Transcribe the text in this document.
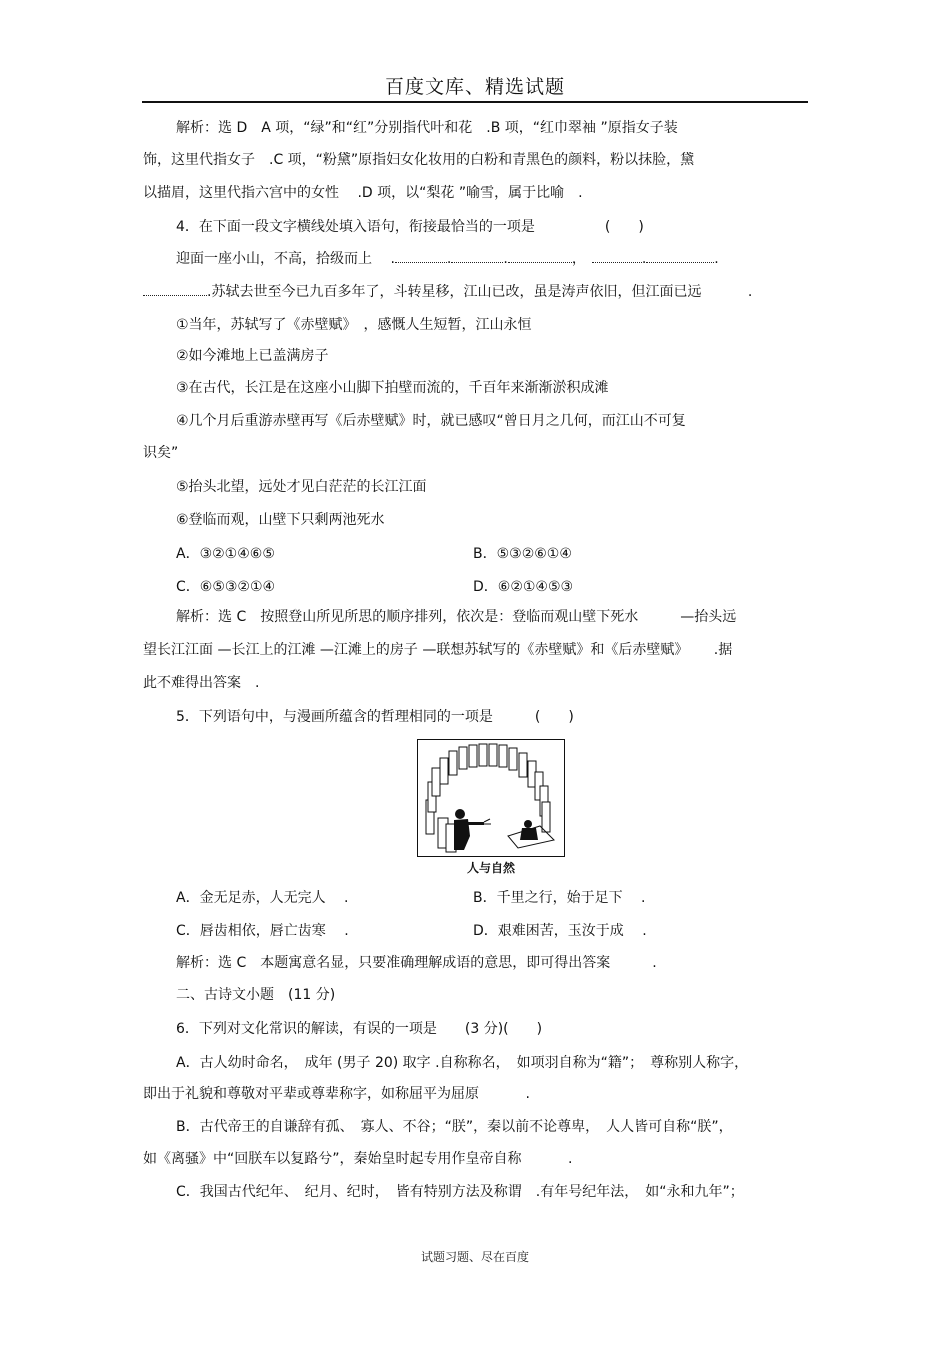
百度文库、精选试题
解析：选 D　A 项，“绿”和“红”分别指代叶和花　.B 项，“红巾翠袖 ”原指女子装
饰，这里代指女子　.C 项，“粉黛”原指妇女化妆用的白粉和青黑色的颜料，粉以抹脸，黛
以描眉，这里代指六宫中的女性　 .D 项，以“梨花 ”喻雪，属于比喻　.
4．在下面一段文字横线处填入语句，衔接最恰当的一项是　　　　　(　　)
迎面一座小山，不高，拾级而上　 .	.	.	，	.	.
.苏轼去世至今已九百多年了，斗转星移，江山已改，虽是涛声依旧，但江面已远　　　 .
①当年，苏轼写了《赤壁赋》　，感慨人生短暂，江山永恒
②如今滩地上已盖满房子
③在古代，长江是在这座小山脚下拍壁而流的，千百年来渐渐淤积成滩
④几个月后重游赤壁再写《后赤壁赋》时，就已感叹“曾日月之几何，而江山不可复
识矣”
⑤抬头北望，远处才见白茫茫的长江江面
⑥登临而观，山壁下只剩两池死水
A．③②①④⑥⑤	B．⑤③②⑥①④
C．⑥⑤③②①④	D．⑥②①④⑤③
解析：选 C　按照登山所见所思的顺序排列，依次是：登临而观山壁下死水　　　—抬头远
望长江江面 —长江上的江滩 —江滩上的房子 —联想苏轼写的《赤壁赋》和《后赤壁赋》　　 .据
此不难得出答案　.
5．下列语句中，与漫画所蕴含的哲理相同的一项是　　　(　　)
人与自然
A．金无足赤，人无完人　 .	B．千里之行，始于足下　 .
C．唇齿相依，唇亡齿寒　 .	D．艰难困苦，玉汝于成　 .
解析：选 C　本题寓意名显，只要准确理解成语的意思，即可得出答案　　　.
二、古诗文小题　(11 分)
6．下列对文化常识的解读，有误的一项是　　(3 分)(　　)
A．古人幼时命名，　成年 (男子 20) 取字 .自称称名，　如项羽自称为“籍”；　尊称别人称字，
即出于礼貌和尊敬对平辈或尊辈称字，如称屈平为屈原　　　 .
B．古代帝王的自谦辞有孤、　寡人、不谷；“朕”，秦以前不论尊卑，　人人皆可自称“朕”，
如《离骚》中“回朕车以复路兮”，秦始皇时起专用作皇帝自称　　　 .
C．我国古代纪年、　纪月、纪时，　皆有特别方法及称谓　.有年号纪年法，　如“永和九年”；
试题习题、尽在百度
